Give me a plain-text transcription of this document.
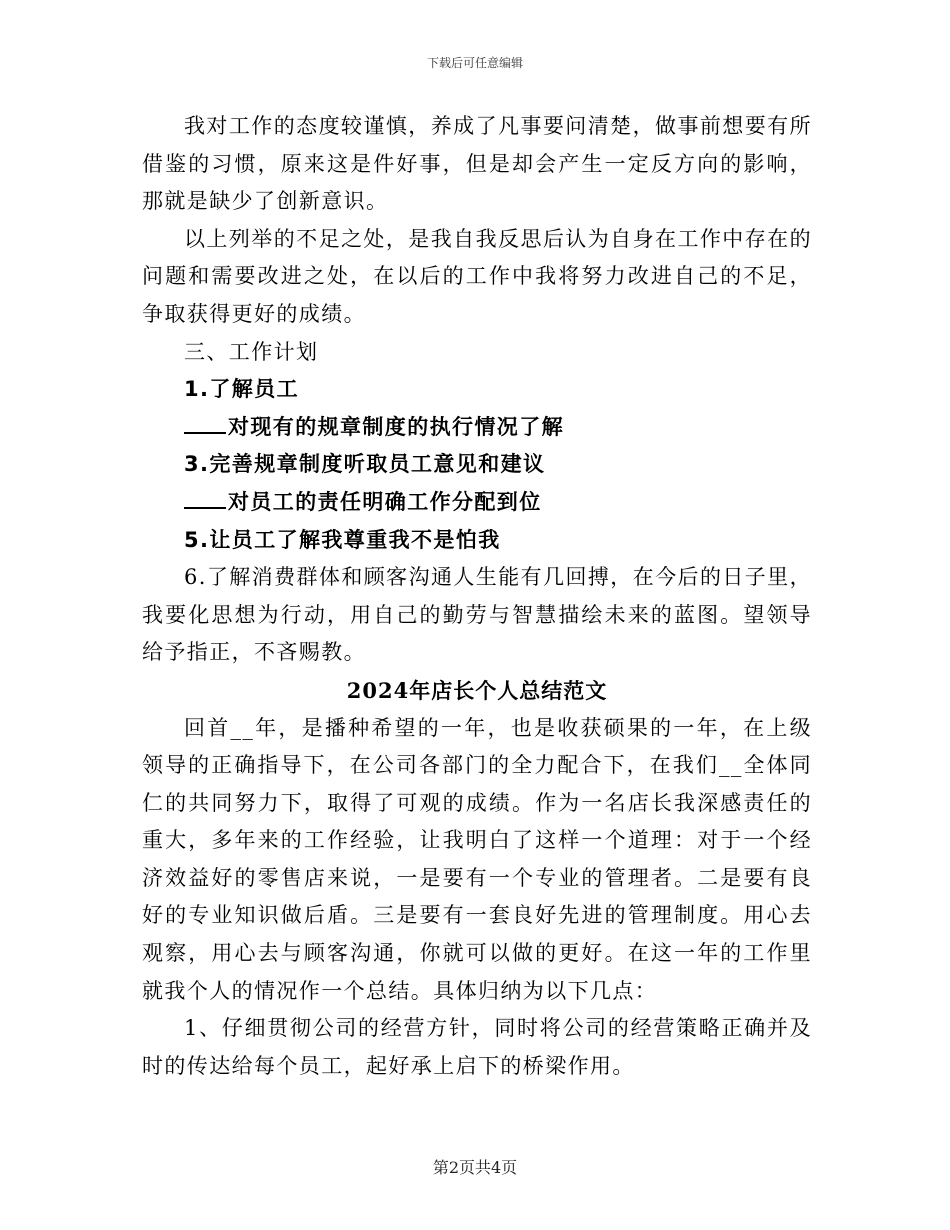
下载后可任意编辑

我对工作的态度较谨慎，养成了凡事要问清楚，做事前想要有所借鉴的习惯，原来这是件好事，但是却会产生一定反方向的影响，那就是缺少了创新意识。

以上列举的不足之处，是我自我反思后认为自身在工作中存在的问题和需要改进之处，在以后的工作中我将努力改进自己的不足，争取获得更好的成绩。

三、工作计划

1.了解员工

对现有的规章制度的执行情况了解

3.完善规章制度听取员工意见和建议

对员工的责任明确工作分配到位

5.让员工了解我尊重我不是怕我

6.了解消费群体和顾客沟通人生能有几回搏，在今后的日子里，我要化思想为行动，用自己的勤劳与智慧描绘未来的蓝图。望领导给予指正，不吝赐教。

2024年店长个人总结范文

回首__年，是播种希望的一年，也是收获硕果的一年，在上级领导的正确指导下，在公司各部门的全力配合下，在我们__全体同仁的共同努力下，取得了可观的成绩。作为一名店长我深感责任的重大，多年来的工作经验，让我明白了这样一个道理：对于一个经济效益好的零售店来说，一是要有一个专业的管理者。二是要有良好的专业知识做后盾。三是要有一套良好先进的管理制度。用心去观察，用心去与顾客沟通，你就可以做的更好。在这一年的工作里就我个人的情况作一个总结。具体归纳为以下几点：

1、仔细贯彻公司的经营方针，同时将公司的经营策略正确并及时的传达给每个员工，起好承上启下的桥梁作用。

第2页共4页
